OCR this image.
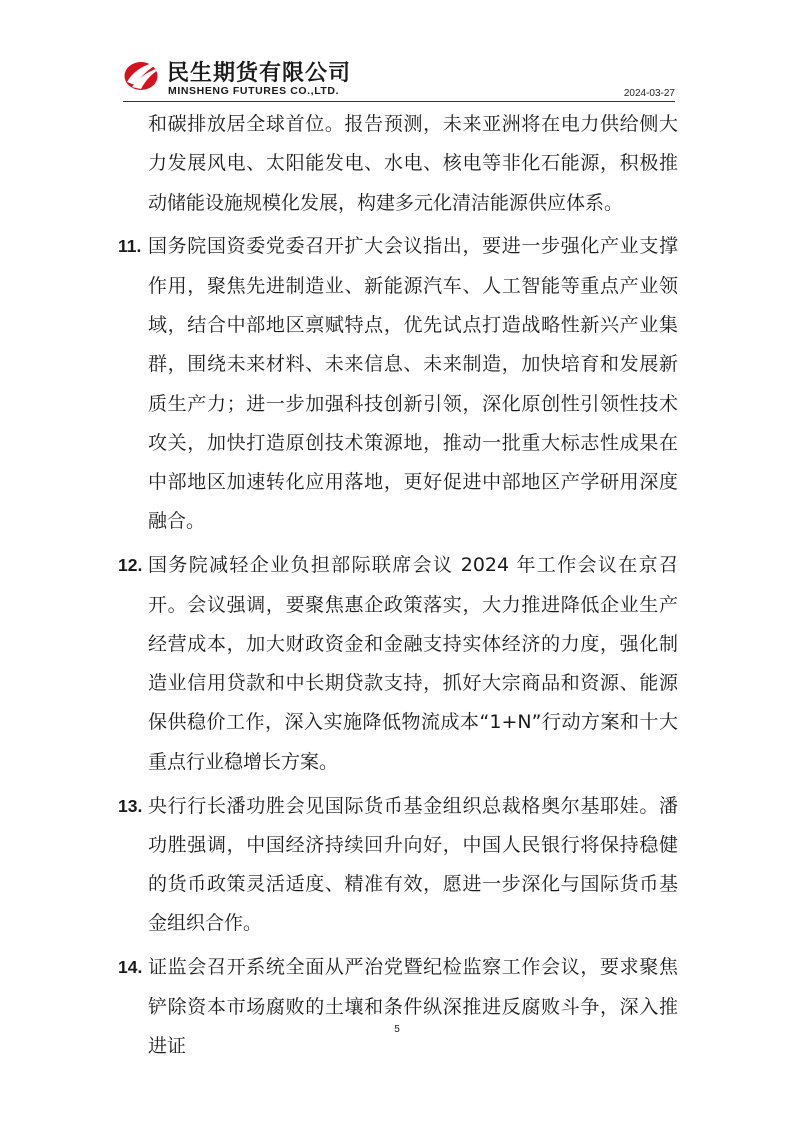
民生期货有限公司
MINSHENG FUTURES CO.,LTD.	2024-03-27

和碳排放居全球首位。报告预测，未来亚洲将在电力供给侧大力发展风电、太阳能发电、水电、核电等非化石能源，积极推动储能设施规模化发展，构建多元化清洁能源供应体系。

11. 国务院国资委党委召开扩大会议指出，要进一步强化产业支撑作用，聚焦先进制造业、新能源汽车、人工智能等重点产业领域，结合中部地区禀赋特点，优先试点打造战略性新兴产业集群，围绕未来材料、未来信息、未来制造，加快培育和发展新质生产力；进一步加强科技创新引领，深化原创性引领性技术攻关，加快打造原创技术策源地，推动一批重大标志性成果在中部地区加速转化应用落地，更好促进中部地区产学研用深度融合。

12. 国务院减轻企业负担部际联席会议 2024 年工作会议在京召开。会议强调，要聚焦惠企政策落实，大力推进降低企业生产经营成本，加大财政资金和金融支持实体经济的力度，强化制造业信用贷款和中长期贷款支持，抓好大宗商品和资源、能源保供稳价工作，深入实施降低物流成本“1+N”行动方案和十大重点行业稳增长方案。

13. 央行行长潘功胜会见国际货币基金组织总裁格奥尔基耶娃。潘功胜强调，中国经济持续回升向好，中国人民银行将保持稳健的货币政策灵活适度、精准有效，愿进一步深化与国际货币基金组织合作。

14. 证监会召开系统全面从严治党暨纪检监察工作会议，要求聚焦铲除资本市场腐败的土壤和条件纵深推进反腐败斗争，深入推进证

5
